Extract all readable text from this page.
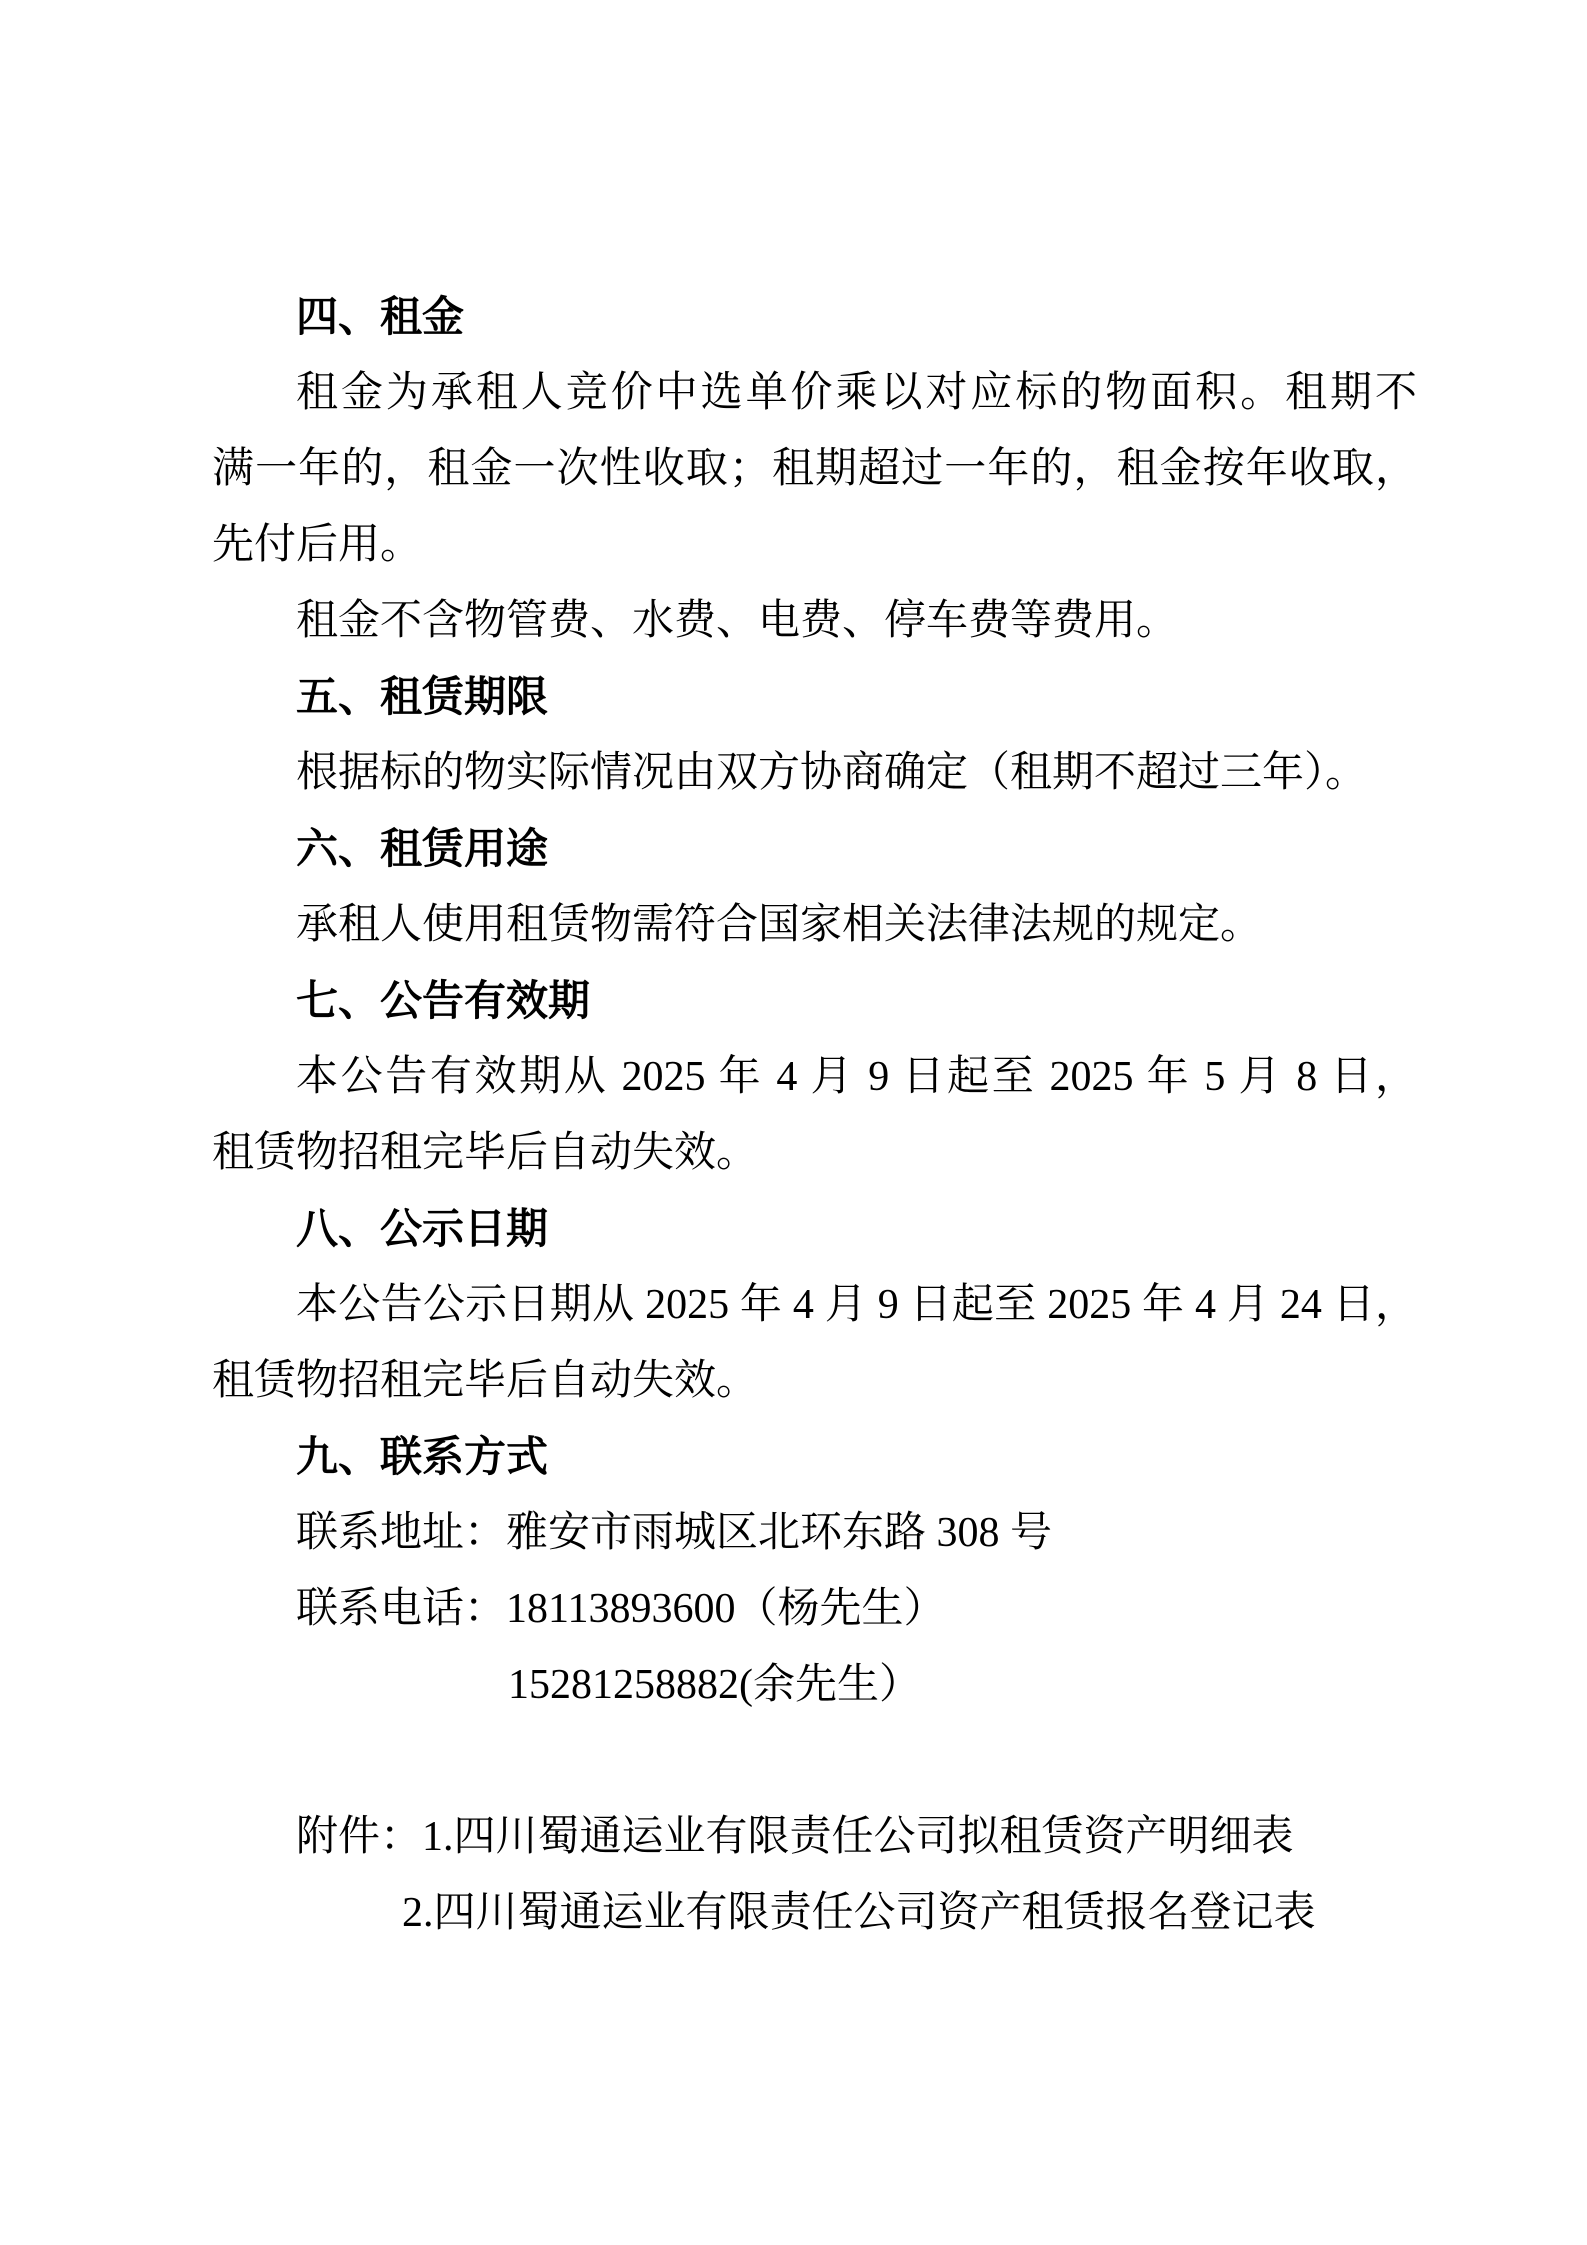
四、租金
租金为承租人竞价中选单价乘以对应标的物面积。租期不
满一年的，租金一次性收取；租期超过一年的，租金按年收取，
先付后用。
租金不含物管费、水费、电费、停车费等费用。
五、租赁期限
根据标的物实际情况由双方协商确定（租期不超过三年）。
六、租赁用途
承租人使用租赁物需符合国家相关法律法规的规定。
七、公告有效期
本公告有效期从 2025 年 4 月 9 日起至 2025 年 5 月 8 日，
租赁物招租完毕后自动失效。
八、公示日期
本公告公示日期从 2025 年 4 月 9 日起至 2025 年 4 月 24 日，
租赁物招租完毕后自动失效。
九、联系方式
联系地址：雅安市雨城区北环东路 308 号
联系电话：18113893600（杨先生）
15281258882(余先生）
附件：1.四川蜀通运业有限责任公司拟租赁资产明细表
2.四川蜀通运业有限责任公司资产租赁报名登记表
